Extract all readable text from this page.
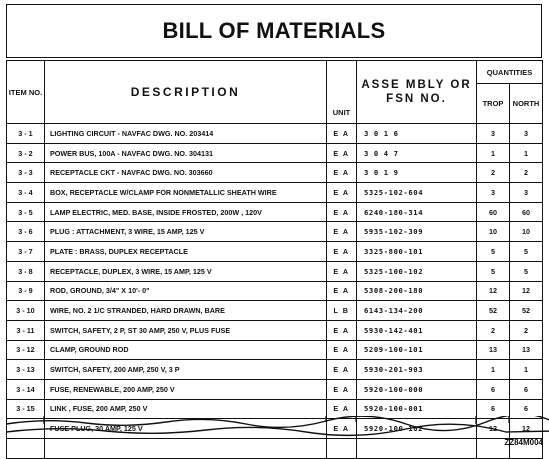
BILL OF MATERIALS
ITEM NO.	DESCRIPTION	UNIT	ASSE MBLY OR FSN NO.	QUANTITIES	
				TROP	NORTH
3 - 1	LIGHTING CIRCUIT - NAVFAC DWG. NO. 203414	E A	3 0 1 6	3	3
3 - 2	POWER BUS, 100A - NAVFAC DWG. NO. 304131	E A	3 0 4 7	1	1
3 - 3	RECEPTACLE CKT - NAVFAC DWG. NO. 303660	E A	3 0 1 9	2	2
3 - 4	BOX, RECEPTACLE W/CLAMP FOR NONMETALLIC SHEATH WIRE	E A	5325-102-604	3	3
3 - 5	LAMP ELECTRIC, MED. BASE, INSIDE FROSTED, 200W , 120V	E A	6240-180-314	60	60
3 - 6	PLUG : ATTACHMENT, 3 WIRE, 15 AMP, 125 V	E A	5935-102-309	10	10
3 - 7	PLATE : BRASS, DUPLEX RECEPTACLE	E A	3325-800-101	5	5
3 - 8	RECEPTACLE, DUPLEX, 3 WIRE, 15 AMP, 125 V	E A	5325-100-102	5	5
3 - 9	ROD, GROUND, 3/4" X 10'- 0"	E A	5308-200-180	12	12
3 - 10	WIRE, NO. 2 1/C STRANDED, HARD DRAWN, BARE	L B	6143-134-200	52	52
3 - 11	SWITCH, SAFETY, 2 P, ST 30 AMP, 250 V, PLUS FUSE	E A	5930-142-401	2	2
3 - 12	CLAMP, GROUND ROD	E A	5209-100-101	13	13
3 - 13	SWITCH, SAFETY, 200 AMP, 250 V, 3 P	E A	5930-201-903	1	1
3 - 14	FUSE, RENEWABLE, 200 AMP, 250 V	E A	5920-100-000	6	6
3 - 15	LINK , FUSE, 200 AMP, 250 V	E A	5920-100-001	6	6
	FUSE PLUG, 30 AMP, 125 V	E A	5920-100-102	12	12

ZZ84M004
